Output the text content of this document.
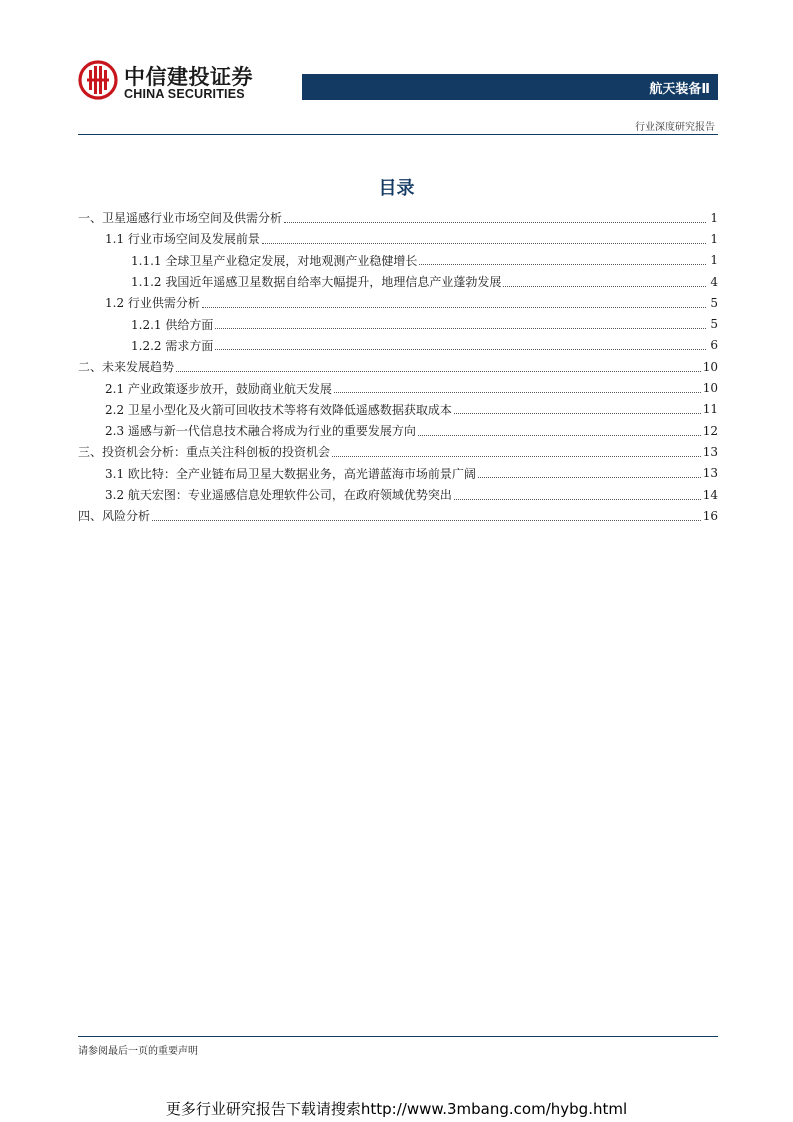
中信建投证券
CHINA SECURITIES	航天装备Ⅱ
行业深度研究报告
目录
一、卫星遥感行业市场空间及供需分析	1
1.1 行业市场空间及发展前景	1
1.1.1 全球卫星产业稳定发展，对地观测产业稳健增长	1
1.1.2 我国近年遥感卫星数据自给率大幅提升，地理信息产业蓬勃发展	4
1.2 行业供需分析	5
1.2.1 供给方面	5
1.2.2 需求方面	6
二、未来发展趋势	10
2.1 产业政策逐步放开，鼓励商业航天发展	10
2.2 卫星小型化及火箭可回收技术等将有效降低遥感数据获取成本	11
2.3 遥感与新一代信息技术融合将成为行业的重要发展方向	12
三、投资机会分析：重点关注科创板的投资机会	13
3.1 欧比特：全产业链布局卫星大数据业务，高光谱蓝海市场前景广阔	13
3.2 航天宏图：专业遥感信息处理软件公司，在政府领域优势突出	14
四、风险分析	16
请参阅最后一页的重要声明
更多行业研究报告下载请搜索http://www.3mbang.com/hybg.html
